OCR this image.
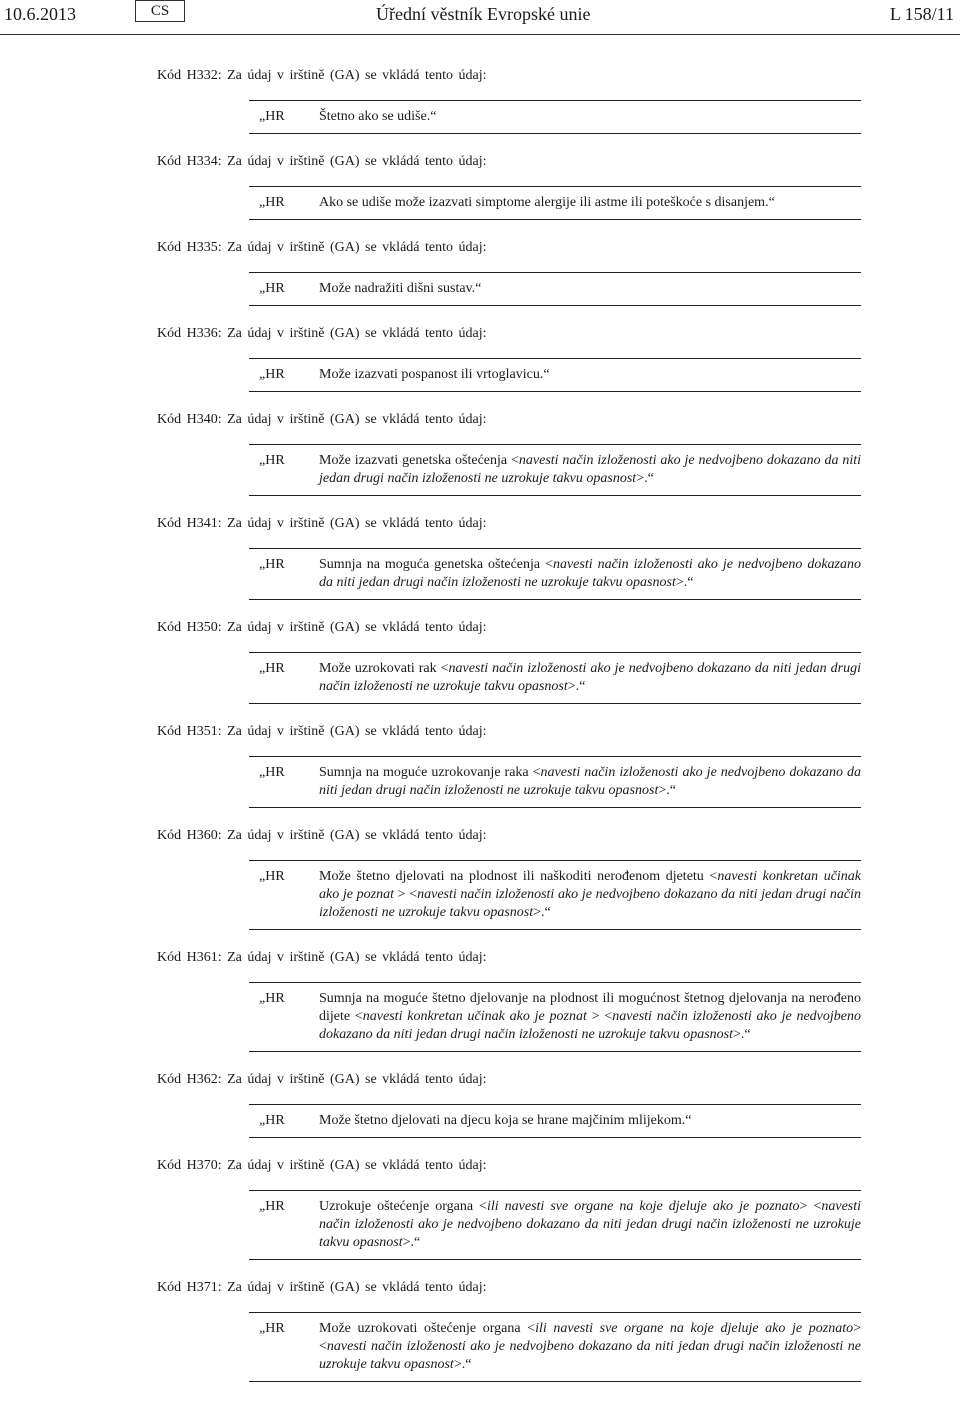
10.6.2013	CS	Úřední věstník Evropské unie	L 158/11
Kód H332: Za údaj v irštině (GA) se vkládá tento údaj:
„HR	Štetno ako se udiše.“
Kód H334: Za údaj v irštině (GA) se vkládá tento údaj:
„HR	Ako se udiše može izazvati simptome alergije ili astme ili poteškoće s disanjem.“
Kód H335: Za údaj v irštině (GA) se vkládá tento údaj:
„HR	Može nadražiti dišni sustav.“
Kód H336: Za údaj v irštině (GA) se vkládá tento údaj:
„HR	Može izazvati pospanost ili vrtoglavicu.“
Kód H340: Za údaj v irštině (GA) se vkládá tento údaj:
„HR	Može izazvati genetska oštećenja <navesti način izloženosti ako je nedvojbeno dokazano da niti jedan drugi način izloženosti ne uzrokuje takvu opasnost>.“
Kód H341: Za údaj v irštině (GA) se vkládá tento údaj:
„HR	Sumnja na moguća genetska oštećenja <navesti način izloženosti ako je nedvojbeno dokazano da niti jedan drugi način izloženosti ne uzrokuje takvu opasnost>.“
Kód H350: Za údaj v irštině (GA) se vkládá tento údaj:
„HR	Može uzrokovati rak <navesti način izloženosti ako je nedvojbeno dokazano da niti jedan drugi način izloženosti ne uzrokuje takvu opasnost>.“
Kód H351: Za údaj v irštině (GA) se vkládá tento údaj:
„HR	Sumnja na moguće uzrokovanje raka <navesti način izloženosti ako je nedvojbeno dokazano da niti jedan drugi način izloženosti ne uzrokuje takvu opasnost>.“
Kód H360: Za údaj v irštině (GA) se vkládá tento údaj:
„HR	Može štetno djelovati na plodnost ili naškoditi nerođenom djetetu <navesti konkretan učinak ako je poznat > <navesti način izloženosti ako je nedvojbeno dokazano da niti jedan drugi način izloženosti ne uzrokuje takvu opasnost>.“
Kód H361: Za údaj v irštině (GA) se vkládá tento údaj:
„HR	Sumnja na moguće štetno djelovanje na plodnost ili mogućnost štetnog djelovanja na nerođeno dijete <navesti konkretan učinak ako je poznat > <navesti način izloženosti ako je nedvojbeno dokazano da niti jedan drugi način izloženosti ne uzrokuje takvu opasnost>.“
Kód H362: Za údaj v irštině (GA) se vkládá tento údaj:
„HR	Može štetno djelovati na djecu koja se hrane majčinim mlijekom.“
Kód H370: Za údaj v irštině (GA) se vkládá tento údaj:
„HR	Uzrokuje oštećenje organa <ili navesti sve organe na koje djeluje ako je poznato> <navesti način izloženosti ako je nedvojbeno dokazano da niti jedan drugi način izloženosti ne uzrokuje takvu opasnost>.“
Kód H371: Za údaj v irštině (GA) se vkládá tento údaj:
„HR	Može uzrokovati oštećenje organa <ili navesti sve organe na koje djeluje ako je poznato> <navesti način izloženosti ako je nedvojbeno dokazano da niti jedan drugi način izloženosti ne uzrokuje takvu opasnost>.“
